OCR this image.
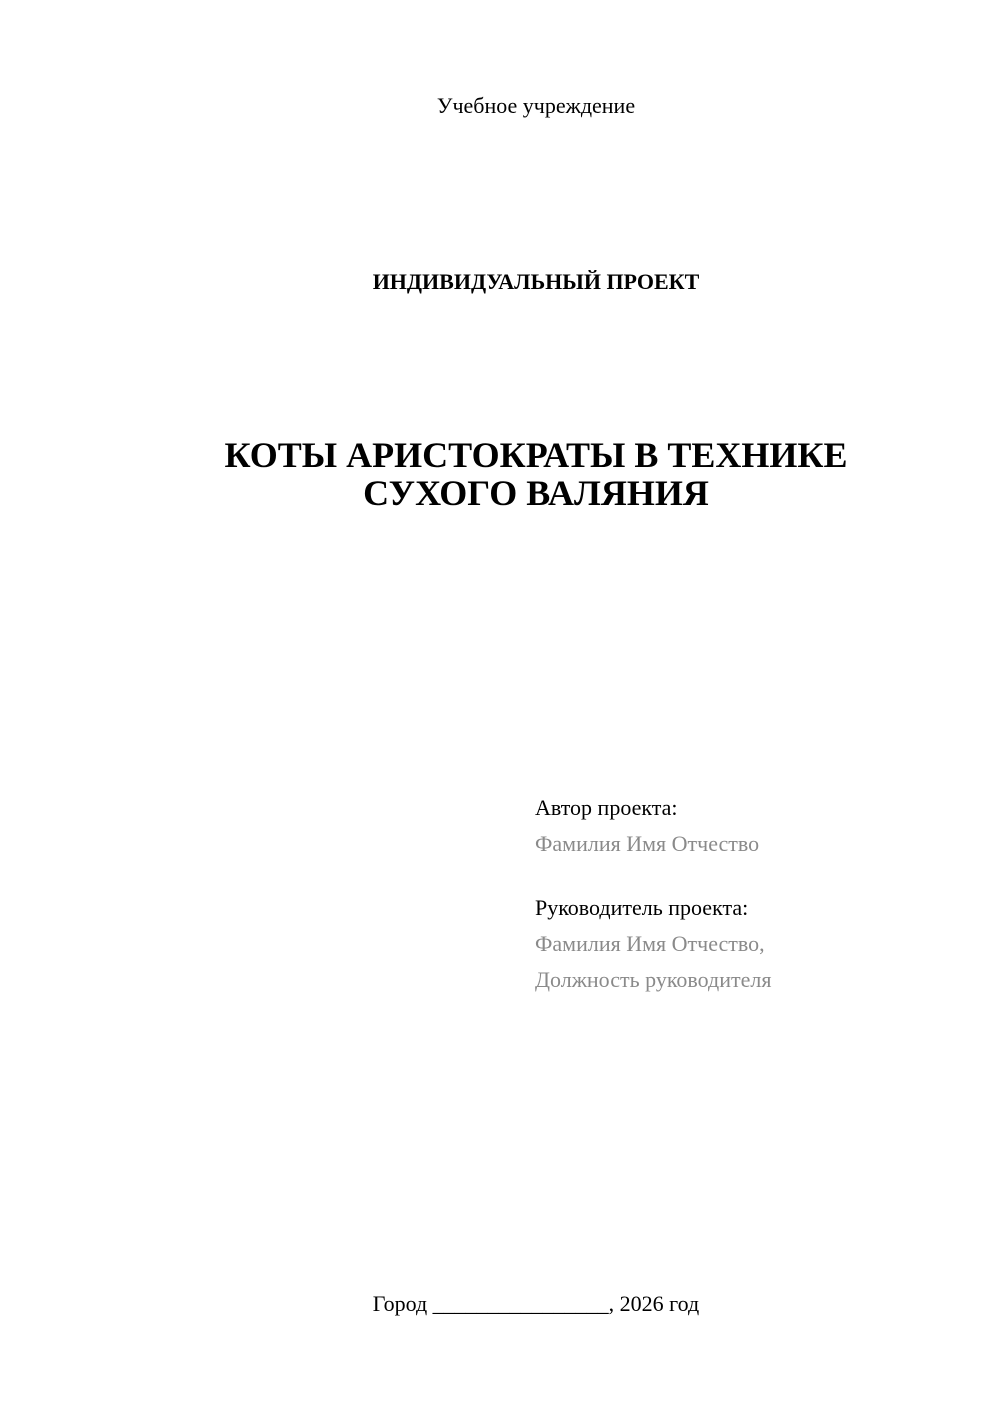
Учебное учреждение
ИНДИВИДУАЛЬНЫЙ ПРОЕКТ
КОТЫ АРИСТОКРАТЫ В ТЕХНИКЕ
СУХОГО ВАЛЯНИЯ
Автор проекта:
Фамилия Имя Отчество
Руководитель проекта:
Фамилия Имя Отчество,
Должность руководителя
Город ________________, 2026 год
